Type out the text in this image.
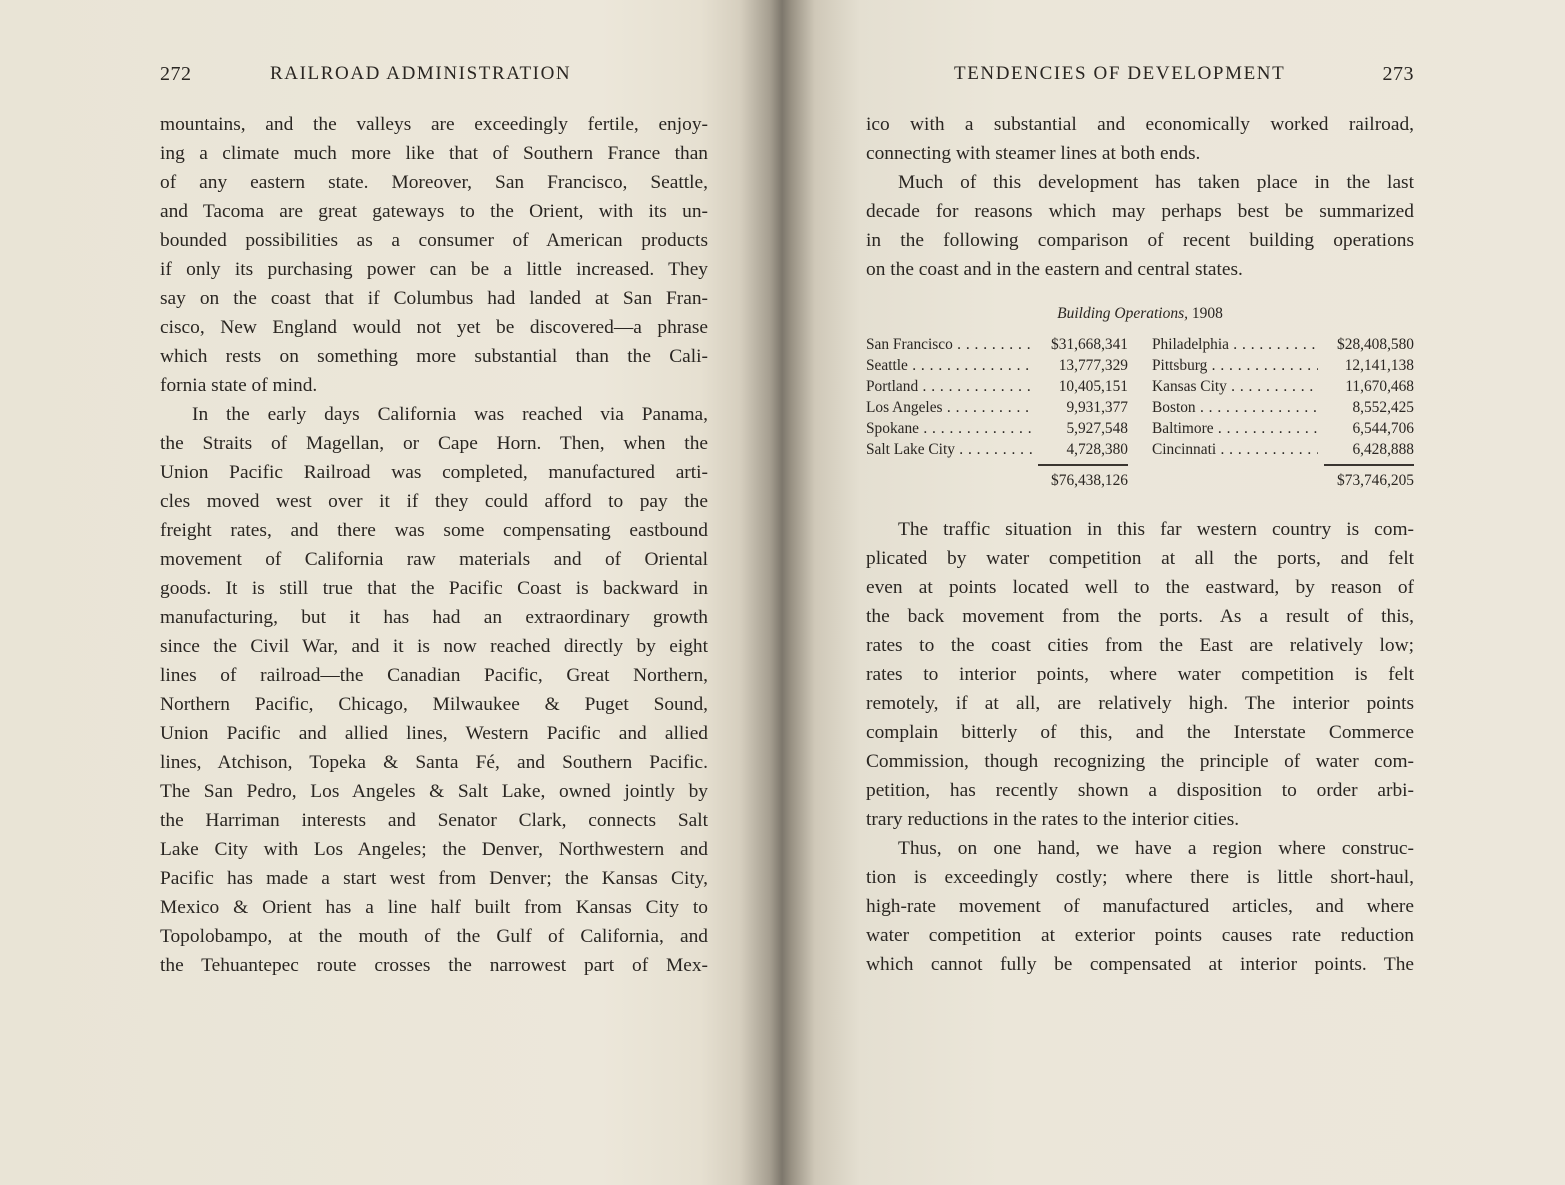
272	RAILROAD ADMINISTRATION
mountains, and the valleys are exceedingly fertile, enjoy-
ing a climate much more like that of Southern France than
of any eastern state. Moreover, San Francisco, Seattle,
and Tacoma are great gateways to the Orient, with its un-
bounded possibilities as a consumer of American products
if only its purchasing power can be a little increased. They
say on the coast that if Columbus had landed at San Fran-
cisco, New England would not yet be discovered—a phrase
which rests on something more substantial than the Cali-
fornia state of mind.
In the early days California was reached via Panama,
the Straits of Magellan, or Cape Horn. Then, when the
Union Pacific Railroad was completed, manufactured arti-
cles moved west over it if they could afford to pay the
freight rates, and there was some compensating eastbound
movement of California raw materials and of Oriental
goods. It is still true that the Pacific Coast is backward in
manufacturing, but it has had an extraordinary growth
since the Civil War, and it is now reached directly by eight
lines of railroad—the Canadian Pacific, Great Northern,
Northern Pacific, Chicago, Milwaukee & Puget Sound,
Union Pacific and allied lines, Western Pacific and allied
lines, Atchison, Topeka & Santa Fé, and Southern Pacific.
The San Pedro, Los Angeles & Salt Lake, owned jointly by
the Harriman interests and Senator Clark, connects Salt
Lake City with Los Angeles; the Denver, Northwestern and
Pacific has made a start west from Denver; the Kansas City,
Mexico & Orient has a line half built from Kansas City to
Topolobampo, at the mouth of the Gulf of California, and
the Tehuantepec route crosses the narrowest part of Mex-
TENDENCIES OF DEVELOPMENT	273
ico with a substantial and economically worked railroad,
connecting with steamer lines at both ends.
Much of this development has taken place in the last
decade for reasons which may perhaps best be summarized
in the following comparison of recent building operations
on the coast and in the eastern and central states.
Building Operations, 1908
San Francisco . . .	$31,668,341 Philadelphia . . .	$28,408,580
Seattle . . .	13,777,329 Pittsburg . . .	12,141,138
Portland . . .	10,405,151 Kansas City . . .	11,670,468
Los Angeles . . .	9,931,377 Boston . . .	8,552,425
Spokane . . .	5,927,548 Baltimore . . .	6,544,706
Salt Lake City . . .	4,728,380 Cincinnati . . .	6,428,888
$76,438,126	$73,746,205
The traffic situation in this far western country is com-
plicated by water competition at all the ports, and felt
even at points located well to the eastward, by reason of
the back movement from the ports. As a result of this,
rates to the coast cities from the East are relatively low;
rates to interior points, where water competition is felt
remotely, if at all, are relatively high. The interior points
complain bitterly of this, and the Interstate Commerce
Commission, though recognizing the principle of water com-
petition, has recently shown a disposition to order arbi-
trary reductions in the rates to the interior cities.
Thus, on one hand, we have a region where construc-
tion is exceedingly costly; where there is little short-haul,
high-rate movement of manufactured articles, and where
water competition at exterior points causes rate reduction
which cannot fully be compensated at interior points. The
